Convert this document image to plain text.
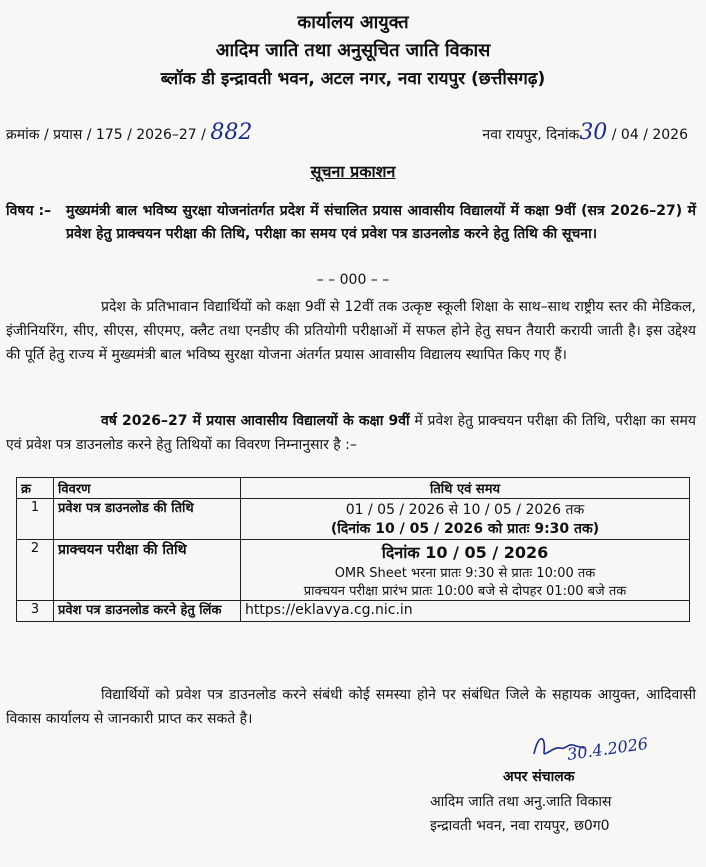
कार्यालय आयुक्त
आदिम जाति तथा अनुसूचित जाति विकास
ब्लॉक डी इन्द्रावती भवन, अटल नगर, नवा रायपुर (छत्तीसगढ़)
क्रमांक / प्रयास / 175 / 2026–27 / 882	नवा रायपुर, दिनांक30 / 04 / 2026
सूचना प्रकाशन
विषय :– मुख्यमंत्री बाल भविष्य सुरक्षा योजनांतर्गत प्रदेश में संचालित प्रयास आवासीय विद्यालयों में कक्षा 9वीं (सत्र 2026–27) में प्रवेश हेतु प्राक्चयन परीक्षा की तिथि, परीक्षा का समय एवं प्रवेश पत्र डाउनलोड करने हेतु तिथि की सूचना।
– – 000 – –
प्रदेश के प्रतिभावान विद्यार्थियों को कक्षा 9वीं से 12वीं तक उत्कृष्ट स्कूली शिक्षा के साथ–साथ राष्ट्रीय स्तर की मेडिकल, इंजीनियरिंग, सीए, सीएस, सीएमए, क्लैट तथा एनडीए की प्रतियोगी परीक्षाओं में सफल होने हेतु सघन तैयारी करायी जाती है। इस उद्देश्य की पूर्ति हेतु राज्य में मुख्यमंत्री बाल भविष्य सुरक्षा योजना अंतर्गत प्रयास आवासीय विद्यालय स्थापित किए गए हैं।
वर्ष 2026–27 में प्रयास आवासीय विद्यालयों के कक्षा 9वीं में प्रवेश हेतु प्राक्चयन परीक्षा की तिथि, परीक्षा का समय एवं प्रवेश पत्र डाउनलोड करने हेतु तिथियों का विवरण निम्नानुसार है :–
क्र	विवरण	तिथि एवं समय
1	प्रवेश पत्र डाउनलोड की तिथि	01 / 05 / 2026 से 10 / 05 / 2026 तक
(दिनांक 10 / 05 / 2026 को प्रातः 9:30 तक)

2	प्राक्चयन परीक्षा की तिथि	दिनांक 10 / 05 / 2026
OMR Sheet भरना प्रातः 9:30 से प्रातः 10:00 तक
प्राक्चयन परीक्षा प्रारंभ प्रातः 10:00 बजे से दोपहर 01:00 बजे तक

3	प्रवेश पत्र डाउनलोड करने हेतु लिंक	https://eklavya.cg.nic.in
विद्यार्थियों को प्रवेश पत्र डाउनलोड करने संबंधी कोई समस्या होने पर संबंधित जिले के सहायक आयुक्त, आदिवासी विकास कार्यालय से जानकारी प्राप्त कर सकते है।
30.4.2026
अपर संचालक
आदिम जाति तथा अनु.जाति विकास
इन्द्रावती भवन, नवा रायपुर, छ0ग0
